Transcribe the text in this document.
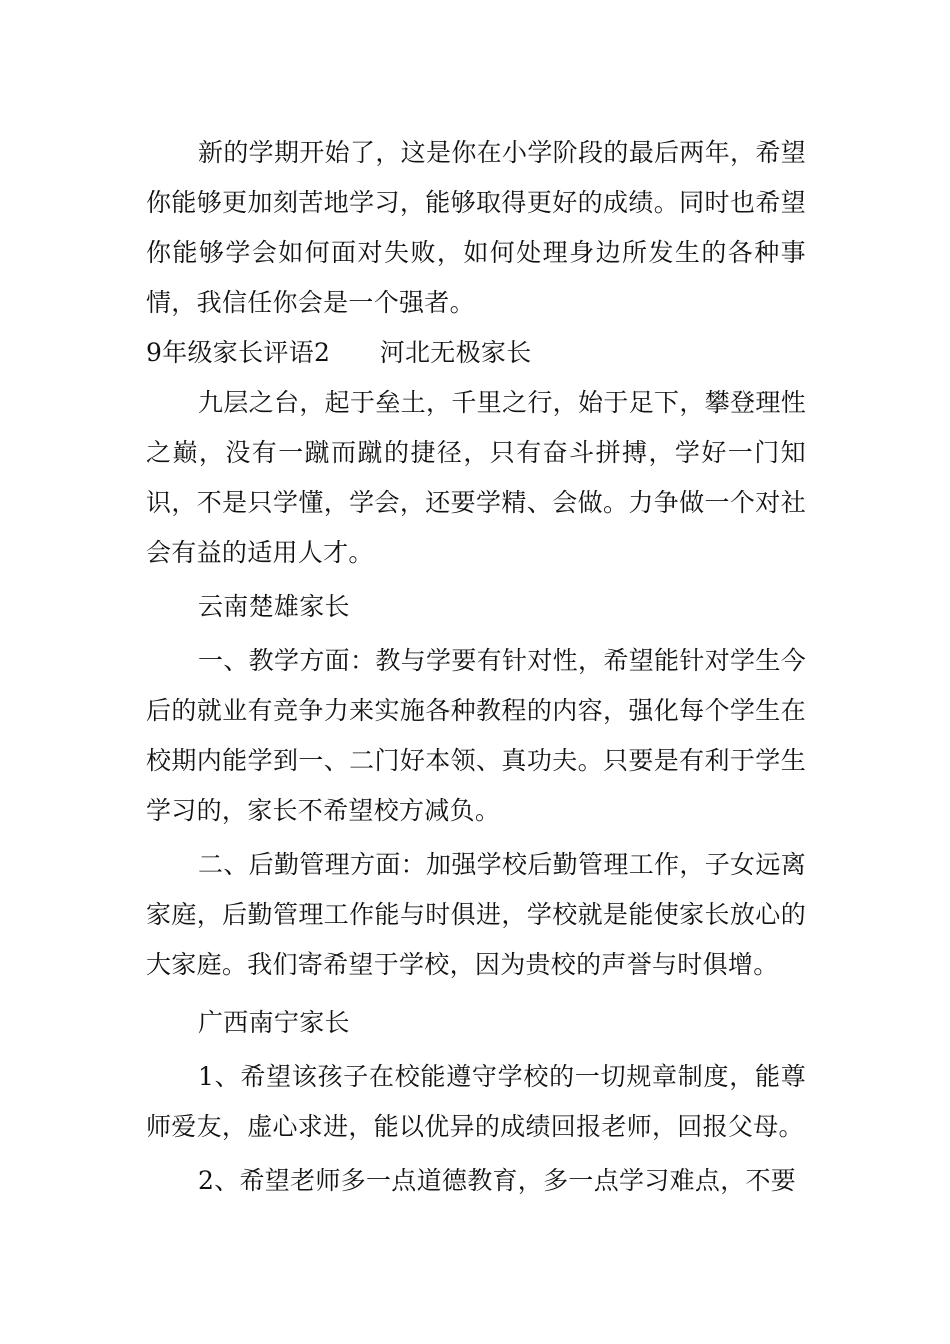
新的学期开始了，这是你在小学阶段的最后两年，希望你能够更加刻苦地学习，能够取得更好的成绩。同时也希望你能够学会如何面对失败，如何处理身边所发生的各种事情，我信任你会是一个强者。

9年级家长评语2 河北无极家长

九层之台，起于垒土，千里之行，始于足下，攀登理性之巅，没有一蹴而蹴的捷径，只有奋斗拼搏，学好一门知识，不是只学懂，学会，还要学精、会做。力争做一个对社会有益的适用人才。

云南楚雄家长

一、教学方面：教与学要有针对性，希望能针对学生今后的就业有竞争力来实施各种教程的内容，强化每个学生在校期内能学到一、二门好本领、真功夫。只要是有利于学生学习的，家长不希望校方减负。

二、后勤管理方面：加强学校后勤管理工作，子女远离家庭，后勤管理工作能与时俱进，学校就是能使家长放心的大家庭。我们寄希望于学校，因为贵校的声誉与时俱增。

广西南宁家长

1、希望该孩子在校能遵守学校的一切规章制度，能尊师爱友，虚心求进，能以优异的成绩回报老师，回报父母。

2、希望老师多一点道德教育，多一点学习难点，不要
